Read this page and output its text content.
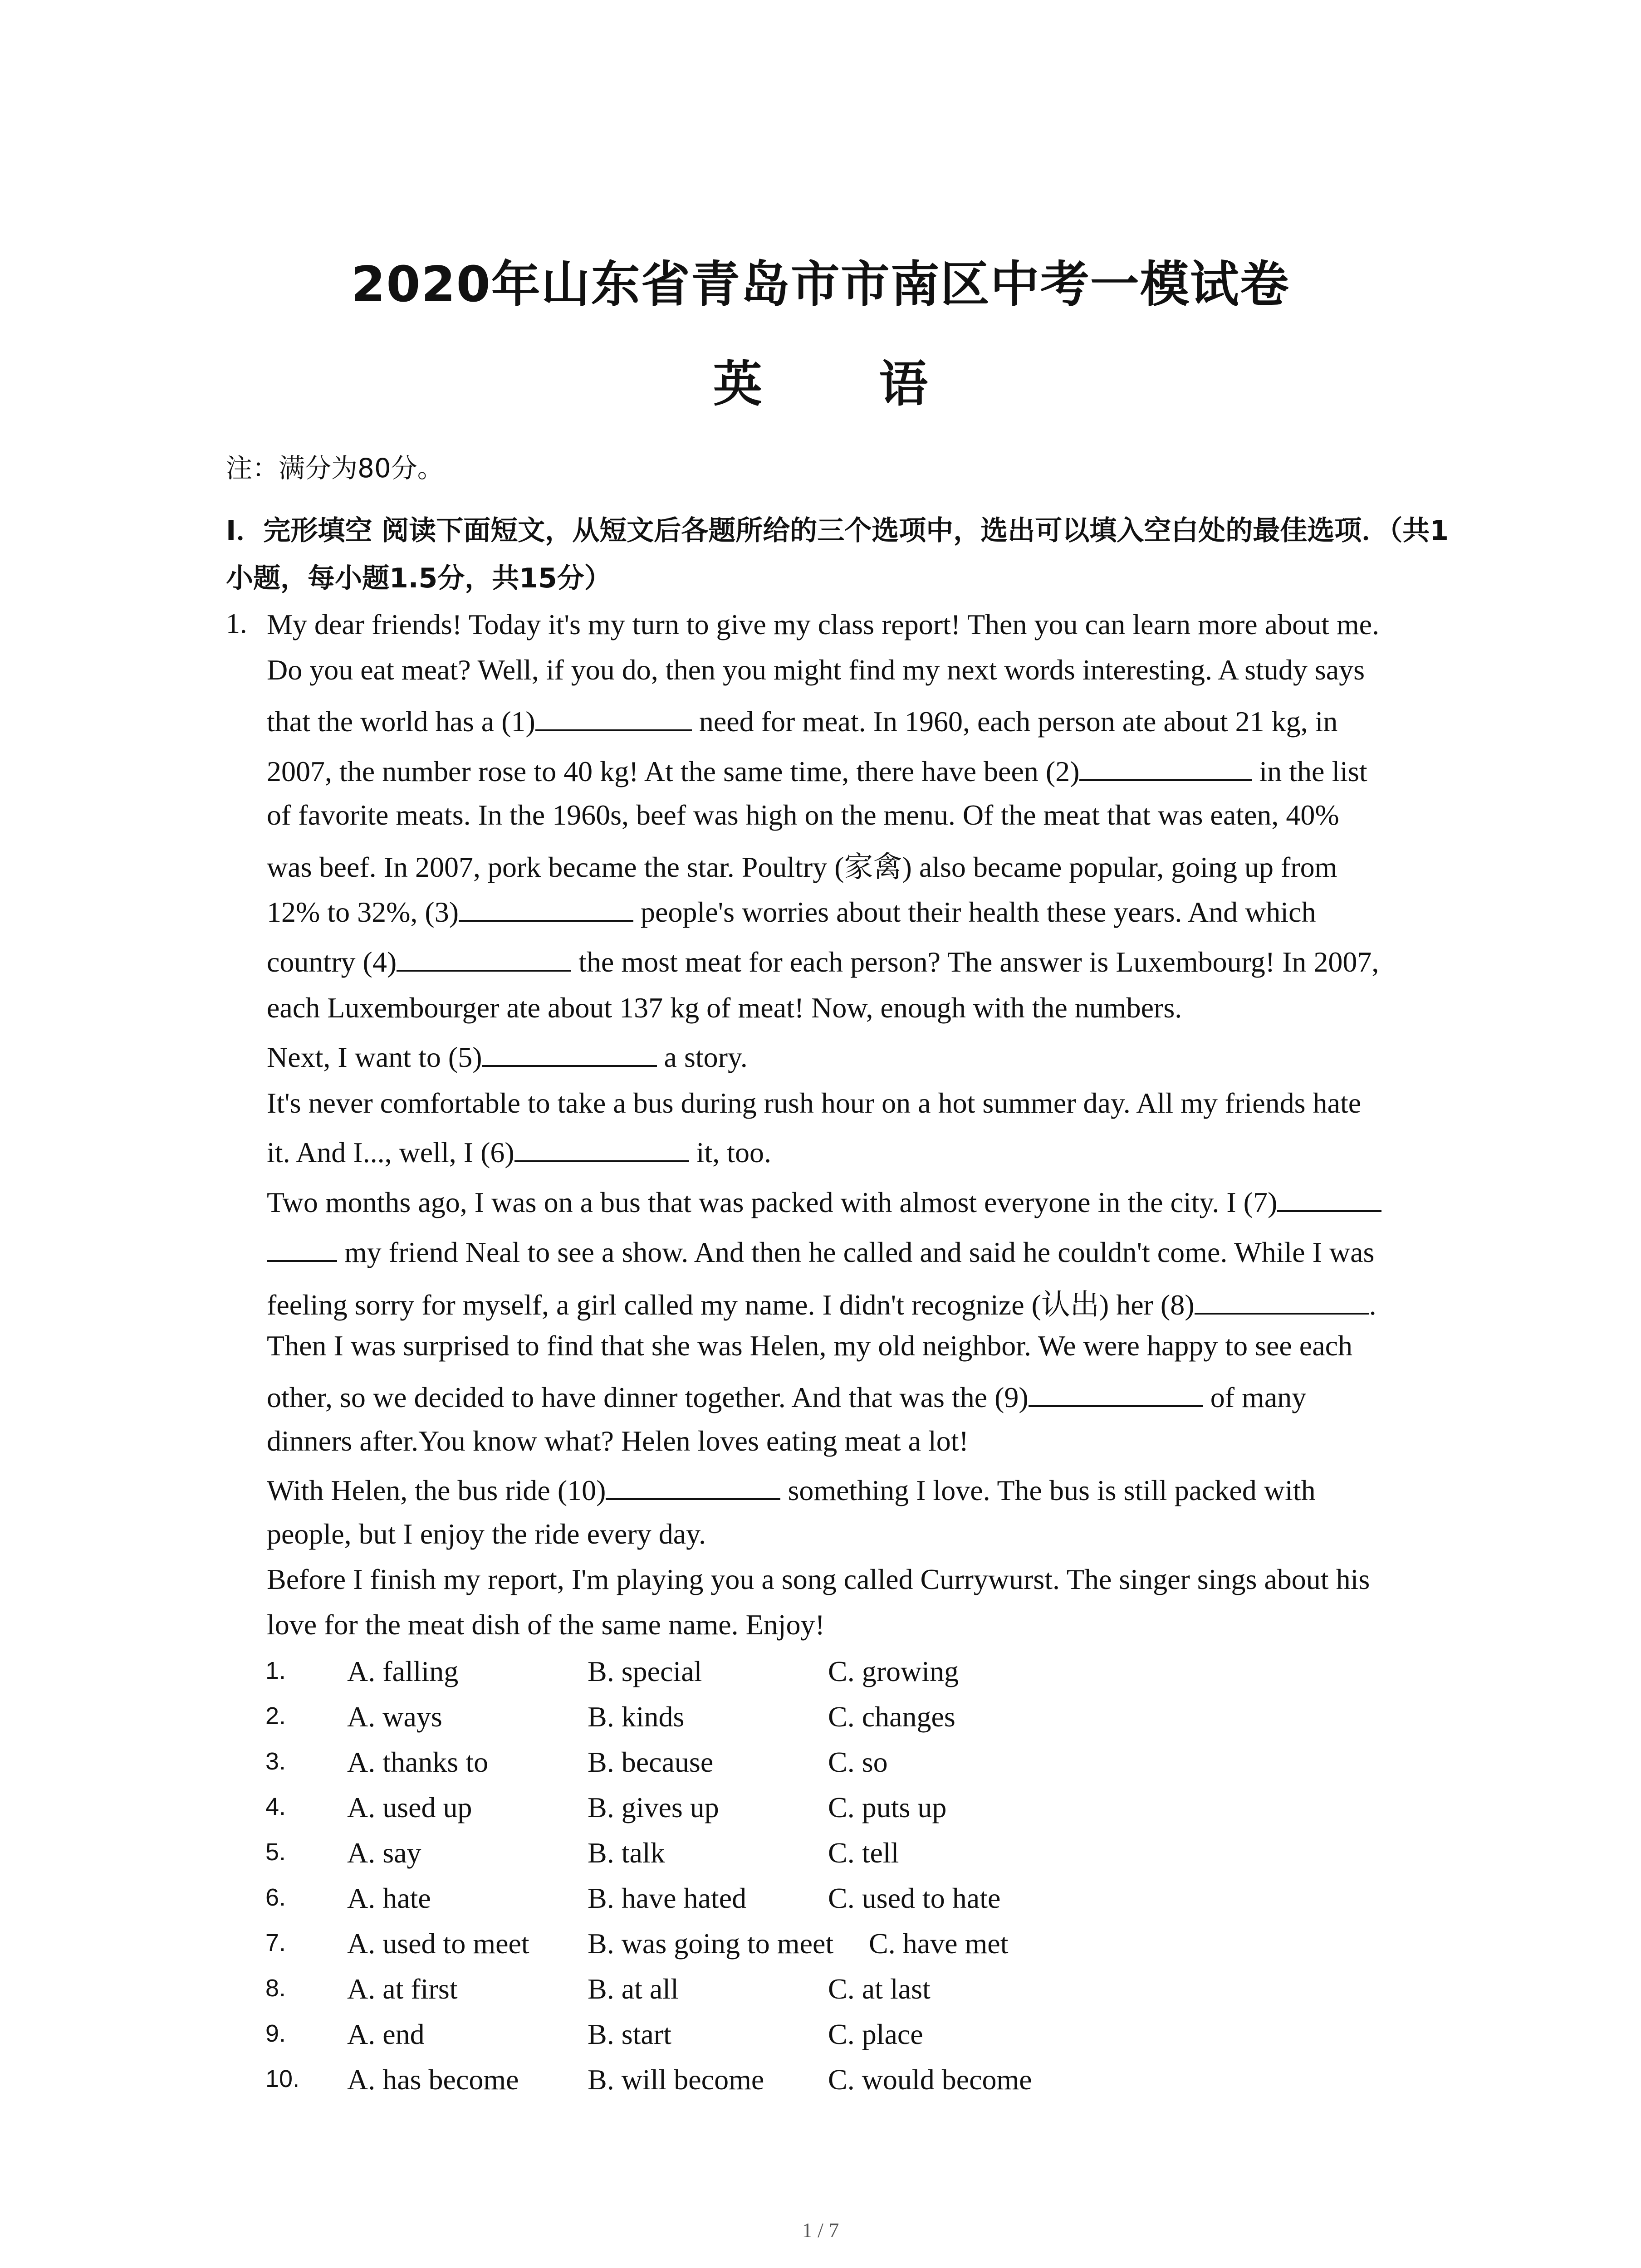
2020年山东省青岛市市南区中考一模试卷
英 语
注：满分为80分。
I．完形填空 阅读下面短文，从短文后各题所给的三个选项中，选出可以填入空白处的最佳选项．（共1小题，每小题1.5分，共15分）
1. My dear friends! Today it's my turn to give my class report! Then you can learn more about me.
Do you eat meat? Well, if you do, then you might find my next words interesting. A study says
that the world has a (1)	need for meat. In 1960, each person ate about 21 kg, in
2007, the number rose to 40 kg! At the same time, there have been (2)	in the list
of favorite meats. In the 1960s, beef was high on the menu. Of the meat that was eaten, 40%
was beef. In 2007, pork became the star. Poultry (家禽) also became popular, going up from
12% to 32%, (3)	people's worries about their health these years. And which
country (4)	the most meat for each person? The answer is Luxembourg! In 2007,
each Luxembourger ate about 137 kg of meat! Now, enough with the numbers.
Next, I want to (5)	a story.
It's never comfortable to take a bus during rush hour on a hot summer day. All my friends hate
it. And I..., well, I (6)	it, too.
Two months ago, I was on a bus that was packed with almost everyone in the city. I (7)
my friend Neal to see a show. And then he called and said he couldn't come. While I was
feeling sorry for myself, a girl called my name. I didn't recognize (认出) her (8)	.
Then I was surprised to find that she was Helen, my old neighbor. We were happy to see each
other, so we decided to have dinner together. And that was the (9)	of many
dinners after.You know what? Helen loves eating meat a lot!
With Helen, the bus ride (10)	something I love. The bus is still packed with
people, but I enjoy the ride every day.
Before I finish my report, I'm playing you a song called Currywurst. The singer sings about his
love for the meat dish of the same name. Enjoy!
1. A. falling	B. special	C. growing
2. A. ways	B. kinds	C. changes
3. A. thanks to	B. because	C. so
4. A. used up	B. gives up	C. puts up
5. A. say	B. talk	C. tell
6. A. hate	B. have hated	C. used to hate
7. A. used to meet B. was going to meet C. have met
8. A. at first	B. at all	C. at last
9. A. end	B. start	C. place
10. A. has become B. will become C. would become
1 / 7
